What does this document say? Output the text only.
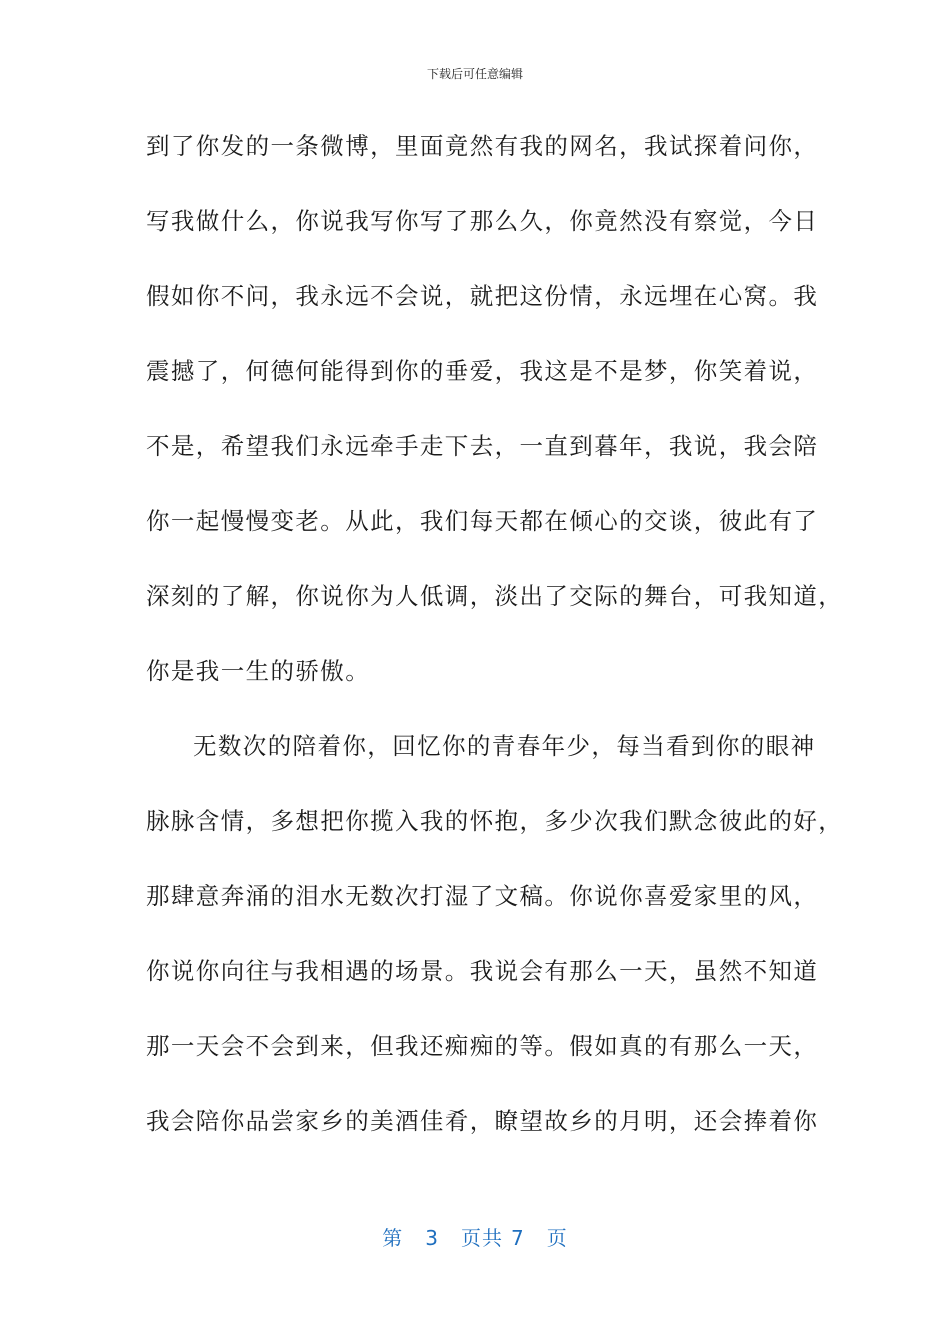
下载后可任意编辑
到了你发的一条微博，里面竟然有我的网名，我试探着问你，
写我做什么，你说我写你写了那么久，你竟然没有察觉，今日
假如你不问，我永远不会说，就把这份情，永远埋在心窝。我
震撼了，何德何能得到你的垂爱，我这是不是梦，你笑着说，
不是，希望我们永远牵手走下去，一直到暮年，我说，我会陪
你一起慢慢变老。从此，我们每天都在倾心的交谈，彼此有了
深刻的了解，你说你为人低调，淡出了交际的舞台，可我知道，
你是我一生的骄傲。
无数次的陪着你，回忆你的青春年少，每当看到你的眼神
脉脉含情，多想把你揽入我的怀抱，多少次我们默念彼此的好，
那肆意奔涌的泪水无数次打湿了文稿。你说你喜爱家里的风，
你说你向往与我相遇的场景。我说会有那么一天，虽然不知道
那一天会不会到来，但我还痴痴的等。假如真的有那么一天，
我会陪你品尝家乡的美酒佳肴，瞭望故乡的月明，还会捧着你
第 3 页共 7 页
